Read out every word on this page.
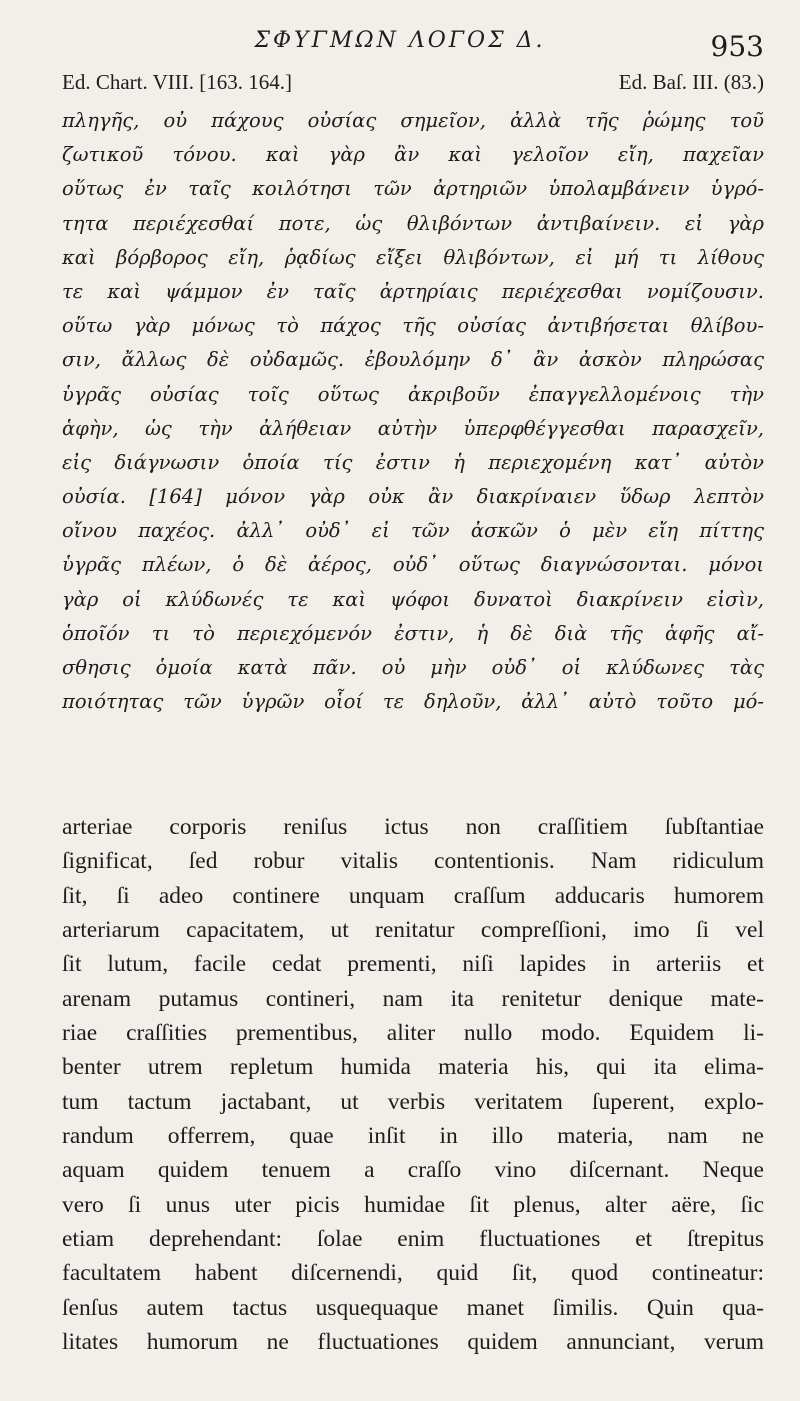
ΣΦΥΓΜΩΝ ΛΟΓΟΣ Δ.	953
Ed. Chart. VIII. [163. 164.]	Ed. Baſ. III. (83.)
πληγῆς, οὐ πάχους οὐσίας σημεῖον, ἀλλὰ τῆς ῥώμης τοῦ
ζωτικοῦ τόνου. καὶ γὰρ ἂν καὶ γελοῖον εἴη, παχεῖαν
οὕτως ἐν ταῖς κοιλότησι τῶν ἀρτηριῶν ὑπολαμβάνειν ὑγρό-
τητα περιέχεσθαί ποτε, ὡς θλιβόντων ἀντιβαίνειν. εἰ γὰρ
καὶ βόρβορος εἴη, ῥᾳδίως εἴξει θλιβόντων, εἰ μή τι λίθους
τε καὶ ψάμμον ἐν ταῖς ἀρτηρίαις περιέχεσθαι νομίζουσιν.
οὕτω γὰρ μόνως τὸ πάχος τῆς οὐσίας ἀντιβήσεται θλίβου-
σιν, ἄλλως δὲ οὐδαμῶς. ἐβουλόμην δ᾽ ἂν ἀσκὸν πληρώσας
ὑγρᾶς οὐσίας τοῖς οὕτως ἀκριβοῦν ἐπαγγελλομένοις τὴν
ἁφὴν, ὡς τὴν ἀλήθειαν αὐτὴν ὑπερφθέγγεσθαι παρασχεῖν,
εἰς διάγνωσιν ὁποία τίς ἐστιν ἡ περιεχομένη κατ᾽ αὐτὸν
οὐσία. [164] μόνον γὰρ οὐκ ἂν διακρίναιεν ὕδωρ λεπτὸν
οἴνου παχέος. ἀλλ᾽ οὐδ᾽ εἰ τῶν ἀσκῶν ὁ μὲν εἴη πίττης
ὑγρᾶς πλέων, ὁ δὲ ἀέρος, οὐδ᾽ οὕτως διαγνώσονται. μόνοι
γὰρ οἱ κλύδωνές τε καὶ ψόφοι δυνατοὶ διακρίνειν εἰσὶν,
ὁποῖόν τι τὸ περιεχόμενόν ἐστιν, ἡ δὲ διὰ τῆς ἁφῆς αἴ-
σθησις ὁμοία κατὰ πᾶν. οὐ μὴν οὐδ᾽ οἱ κλύδωνες τὰς
ποιότητας τῶν ὑγρῶν οἷοί τε δηλοῦν, ἀλλ᾽ αὐτὸ τοῦτο μό-
arteriae corporis reniſus ictus non craſſitiem ſubſtantiae
ſignificat, ſed robur vitalis contentionis. Nam ridiculum
ſit, ſi adeo continere unquam craſſum adducaris humorem
arteriarum capacitatem, ut renitatur compreſſioni, imo ſi vel
ſit lutum, facile cedat prementi, niſi lapides in arteriis et
arenam putamus contineri, nam ita renitetur denique mate-
riae craſſities prementibus, aliter nullo modo. Equidem li-
benter utrem repletum humida materia his, qui ita elima-
tum tactum jactabant, ut verbis veritatem ſuperent, explo-
randum offerrem, quae inſit in illo materia, nam ne
aquam quidem tenuem a craſſo vino diſcernant. Neque
vero ſi unus uter picis humidae ſit plenus, alter aëre, ſic
etiam deprehendant: ſolae enim fluctuationes et ſtrepitus
facultatem habent diſcernendi, quid ſit, quod contineatur:
ſenſus autem tactus usquequaque manet ſimilis. Quin qua-
litates humorum ne fluctuationes quidem annunciant, verum
